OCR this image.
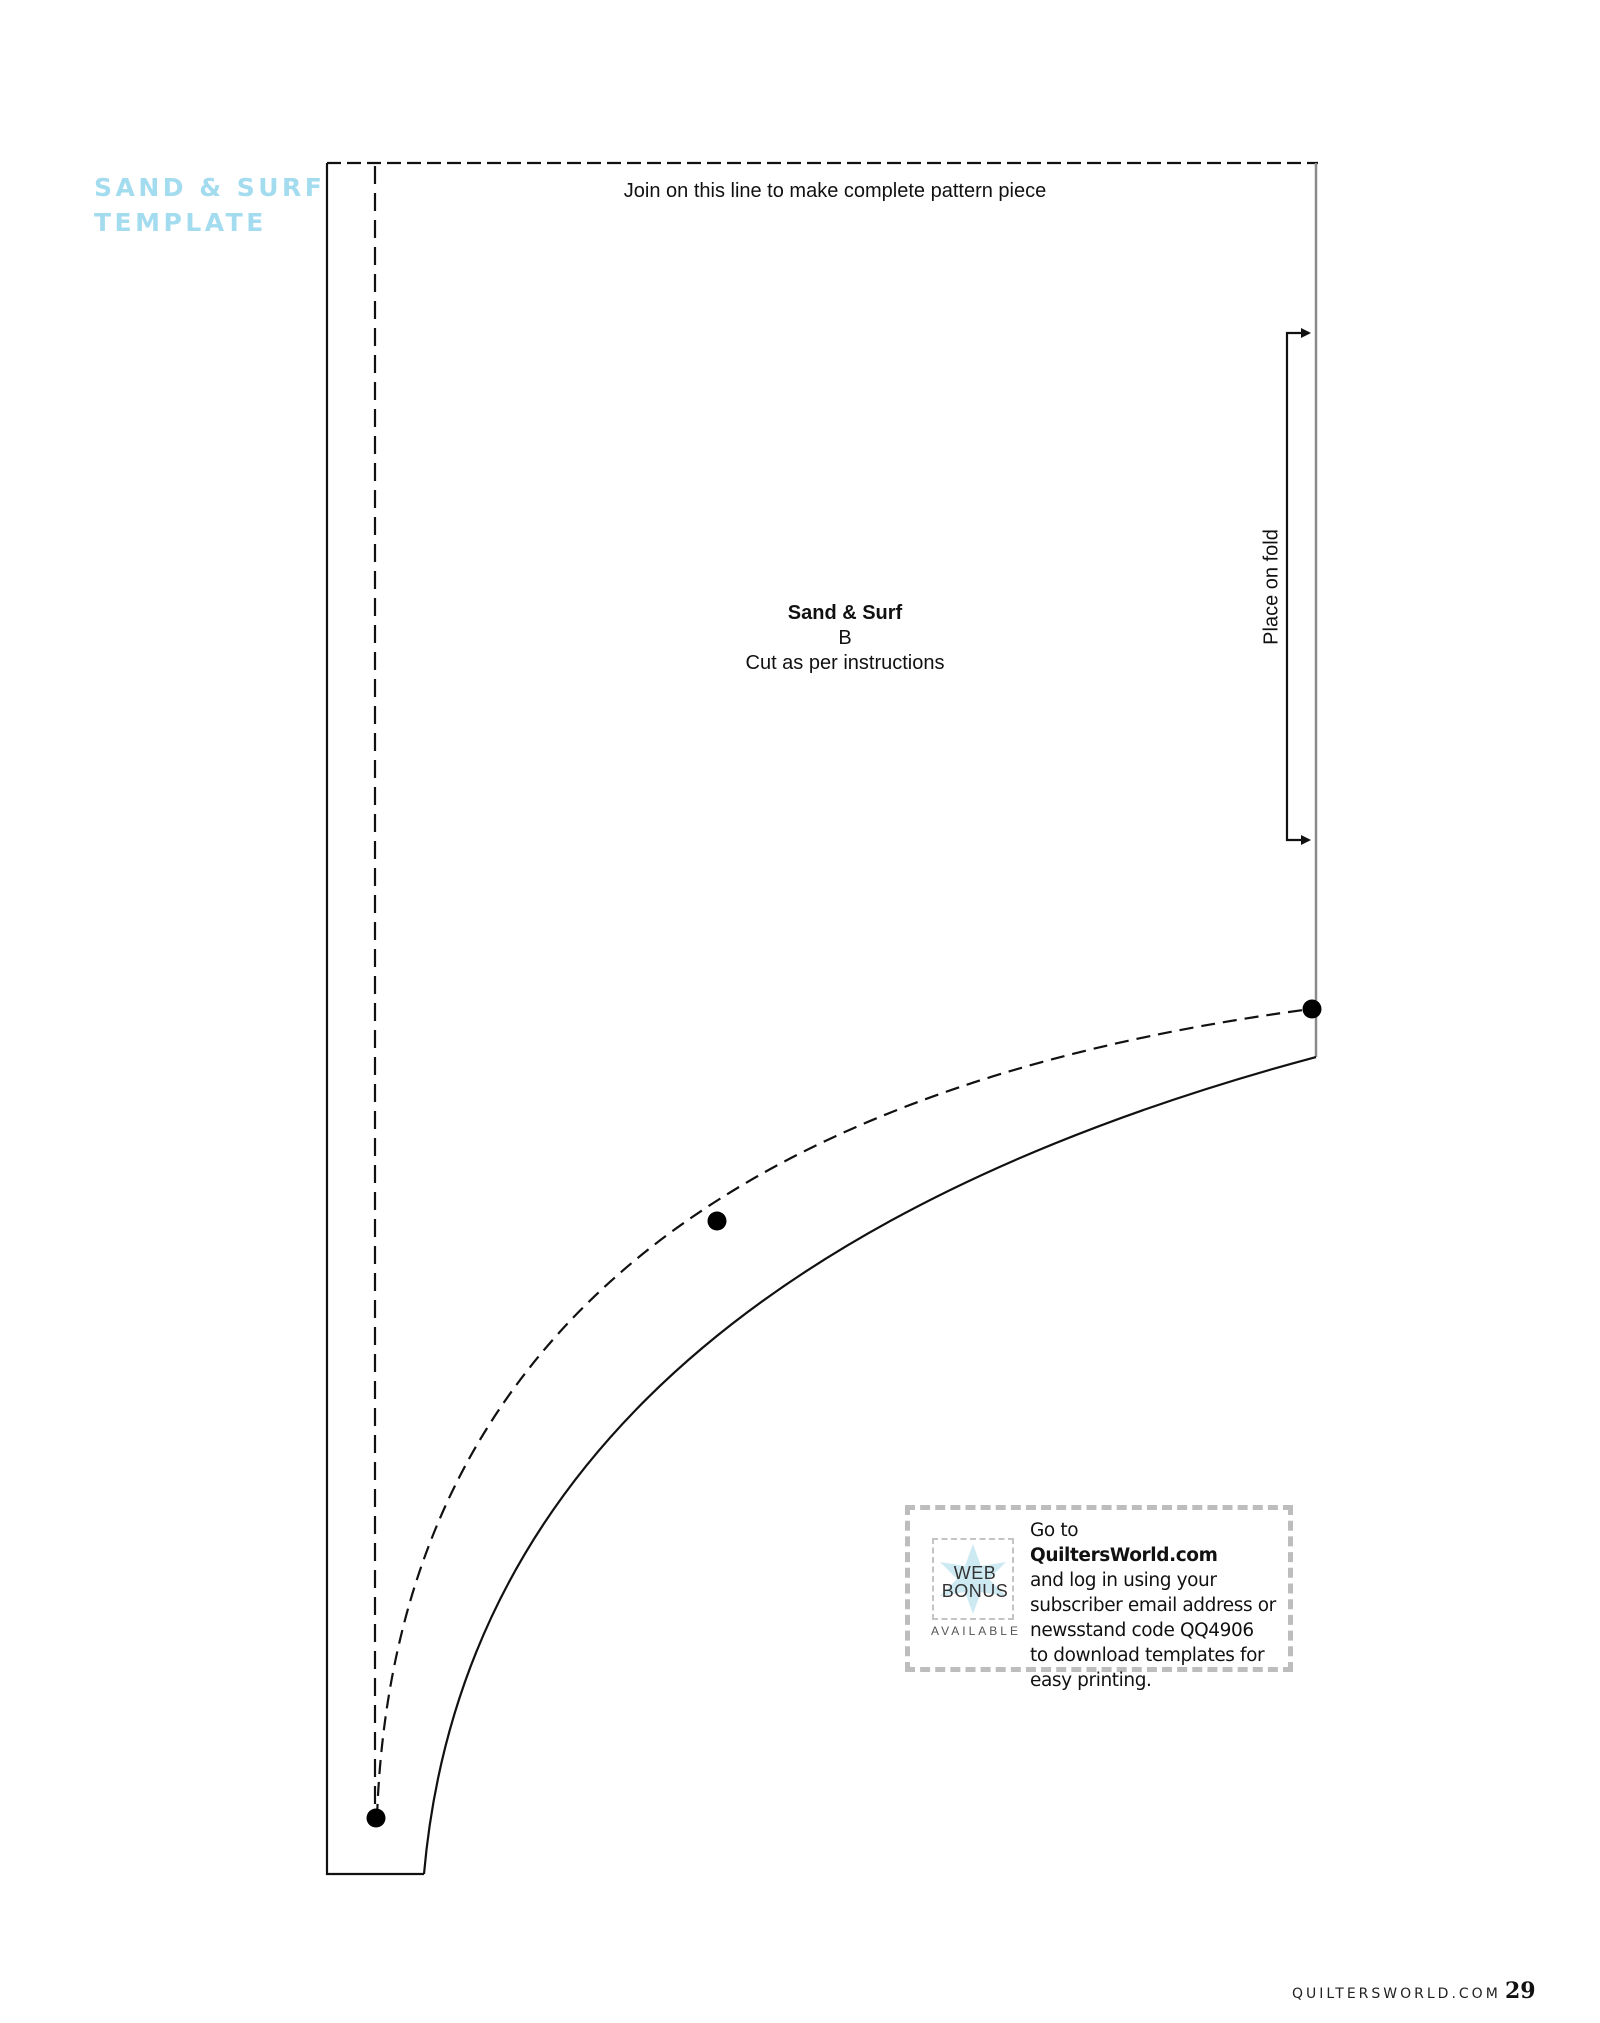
SAND & SURF
TEMPLATE
Join on this line to make complete pattern piece
Sand & Surf
B
Cut as per instructions
Place on fold
WEB
BONUS
AVAILABLE
Go to
QuiltersWorld.com
and log in using your
subscriber email address or
newsstand code QQ4906
to download templates for
easy printing.
QUILTERSWORLD.COM 29
